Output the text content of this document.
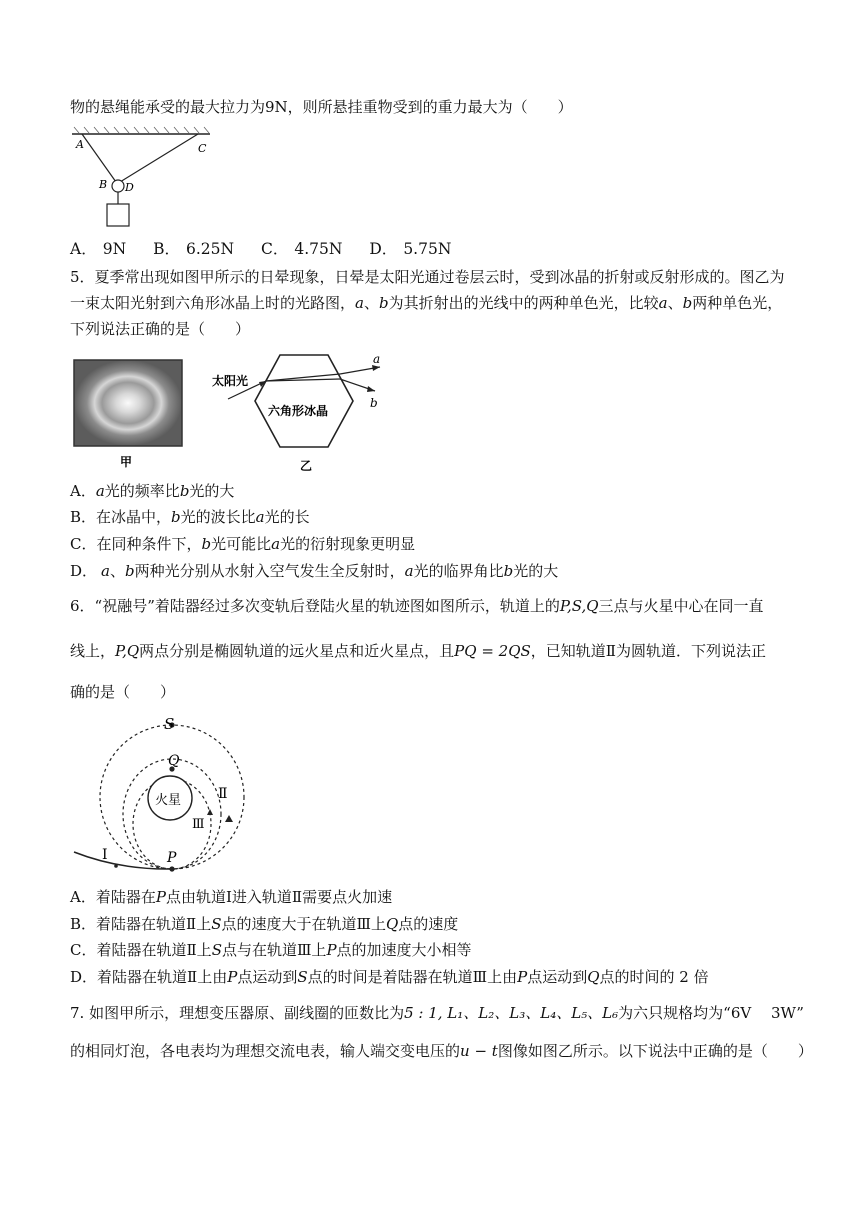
物的悬绳能承受的最大拉力为9N，则所悬挂重物受到的重力最大为（　　）
A	C
B D
A． 9N B． 6.25N C． 4.75N D． 5.75N
5．夏季常出现如图甲所示的日晕现象，日晕是太阳光通过卷层云时，受到冰晶的折射或反射形成的。图乙为
一束太阳光射到六角形冰晶上时的光路图，a、b为其折射出的光线中的两种单色光，比较a、b两种单色光，
下列说法正确的是（　　）
甲
太阳光
六角形冰晶
a
b
乙
A．a光的频率比b光的大
B．在冰晶中，b光的波长比a光的长
C．在同种条件下，b光可能比a光的衍射现象更明显
D． a、b两种光分别从水射入空气发生全反射时，a光的临界角比b光的大
6．“祝融号”着陆器经过多次变轨后登陆火星的轨迹图如图所示，轨道上的P,S,Q三点与火星中心在同一直
线上，P,Q两点分别是椭圆轨道的远火星点和近火星点，且PQ = 2QS，已知轨道Ⅱ为圆轨道．下列说法正
确的是（　　）
S
Q
火星
P
Ⅰ
Ⅱ
Ⅲ
A．着陆器在P点由轨道Ⅰ进入轨道Ⅱ需要点火加速
B．着陆器在轨道Ⅱ上S点的速度大于在轨道Ⅲ上Q点的速度
C．着陆器在轨道Ⅱ上S点与在轨道Ⅲ上P点的加速度大小相等
D．着陆器在轨道Ⅱ上由P点运动到S点的时间是着陆器在轨道Ⅲ上由P点运动到Q点的时间的 2 倍
7. 如图甲所示，理想变压器原、副线圈的匝数比为5 : 1, L₁、L₂、L₃、L₄、L₅、L₆为六只规格均为“6V　 3W”
的相同灯泡，各电表均为理想交流电表，输人端交变电压的u − t图像如图乙所示。以下说法中正确的是（　　）
